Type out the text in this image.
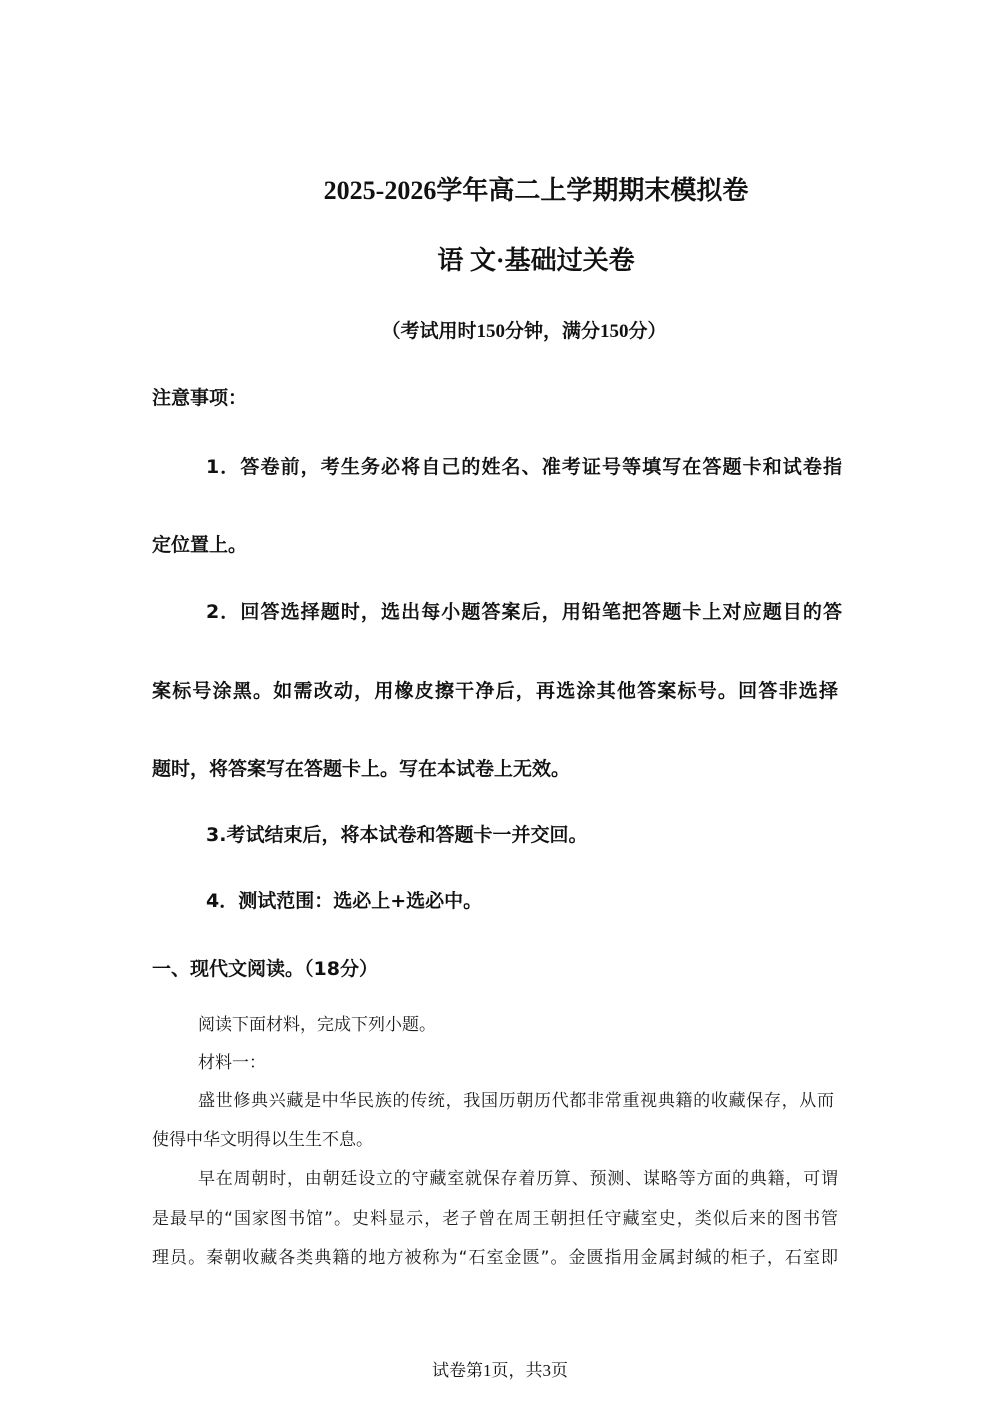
2025-2026学年高二上学期期末模拟卷
语 文·基础过关卷
（考试用时150分钟，满分150分）
注意事项：
1．答卷前，考生务必将自己的姓名、准考证号等填写在答题卡和试卷指
定位置上。
2．回答选择题时，选出每小题答案后，用铅笔把答题卡上对应题目的答
案标号涂黑。如需改动，用橡皮擦干净后，再选涂其他答案标号。回答非选择
题时，将答案写在答题卡上。写在本试卷上无效。
3.考试结束后，将本试卷和答题卡一并交回。
4．测试范围：选必上+选必中。
一、现代文阅读。（18分）
阅读下面材料，完成下列小题。
材料一：
盛世修典兴藏是中华民族的传统，我国历朝历代都非常重视典籍的收藏保存，从而
使得中华文明得以生生不息。
早在周朝时，由朝廷设立的守藏室就保存着历算、预测、谋略等方面的典籍，可谓
是最早的“国家图书馆”。史料显示，老子曾在周王朝担任守藏室史，类似后来的图书管
理员。秦朝收藏各类典籍的地方被称为“石室金匮”。金匮指用金属封缄的柜子，石室即
试卷第1页，共3页
